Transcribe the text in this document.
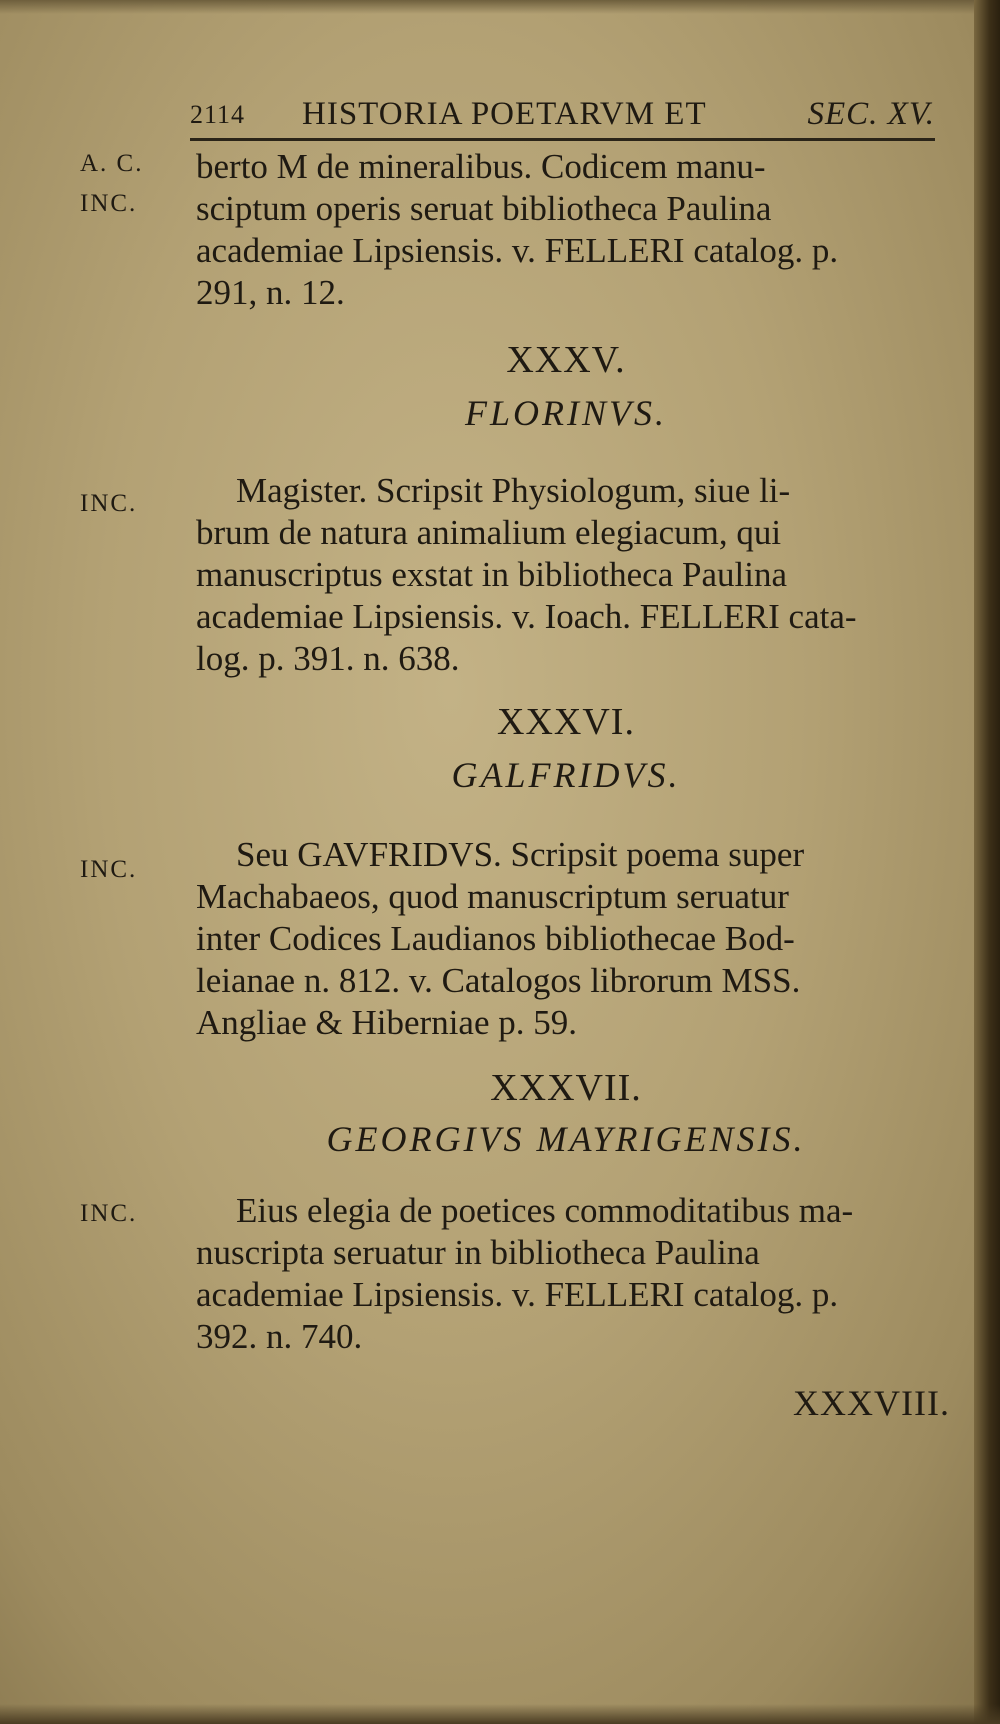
2114 HISTORIA POETARVM ET	SEC. XV.
A. C.
INC.

berto M de mineralibus. Codicem manu-

sciptum operis seruat bibliotheca Paulina

academiae Lipsiensis. v. FELLERI catalog. p.

291, n. 12.

XXXV.
FLORINVS.
INC.	Magister. Scripsit Physiologum, siue li-

brum de natura animalium elegiacum, qui

manuscriptus exstat in bibliotheca Paulina

academiae Lipsiensis. v. Ioach. FELLERI cata-

log. p. 391. n. 638.

XXXVI.
GALFRIDVS.
INC.	Seu GAVFRIDVS. Scripsit poema super

Machabaeos, quod manuscriptum seruatur

inter Codices Laudianos bibliothecae Bod-

leianae n. 812. v. Catalogos librorum MSS.

Angliae & Hiberniae p. 59.

XXXVII.
GEORGIVS MAYRIGENSIS.
INC.	Eius elegia de poetices commoditatibus ma-

nuscripta seruatur in bibliotheca Paulina

academiae Lipsiensis. v. FELLERI catalog. p.

392. n. 740.

XXXVIII.
